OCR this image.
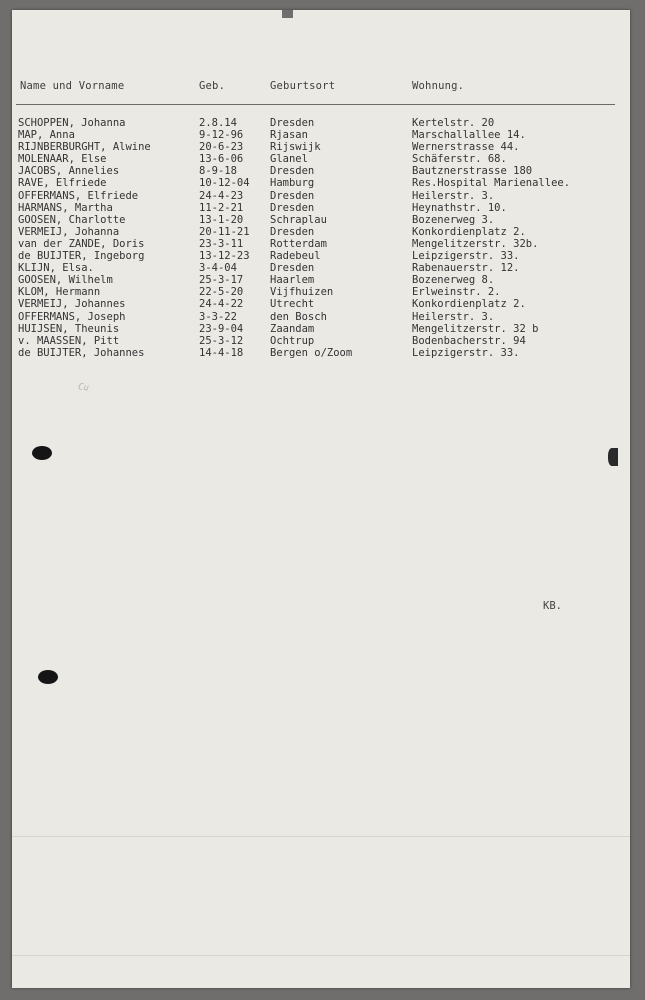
Name und Vorname	Geb.	Geburtsort	Wohnung.
SCHOPPEN, Johanna	2.8.14	Dresden	Kertelstr. 20
MAP, Anna	9-12-96	Rjasan	Marschallallee 14.
RIJNBERBURGHT, Alwine	20-6-23	Rijswijk	Wernerstrasse 44.
MOLENAAR, Else	13-6-06	Glanel	Schäferstr. 68.
JACOBS, Annelies	8-9-18	Dresden	Bautznerstrasse 180
RAVE, Elfriede	10-12-04 Hamburg	Res.Hospital Marienallee.
OFFERMANS, Elfriede	24-4-23	Dresden	Heilerstr. 3.
HARMANS, Martha	11-2-21	Dresden	Heynathstr. 10.
GOOSEN, Charlotte	13-1-20	Schraplau	Bozenerweg 3.
VERMEIJ, Johanna	20-11-21 Dresden	Konkordienplatz 2.
van der ZANDE, Doris	23-3-11	Rotterdam	Mengelitzerstr. 32b.
de BUIJTER, Ingeborg	13-12-23 Radebeul	Leipzigerstr. 33.
KLIJN, Elsa.	3-4-04	Dresden	Rabenauerstr. 12.
GOOSEN, Wilhelm	25-3-17	Haarlem	Bozenerweg 8.
KLOM, Hermann	22-5-20	Vijfhuizen	Erlweinstr. 2.
VERMEIJ, Johannes	24-4-22	Utrecht	Konkordienplatz 2.
OFFERMANS, Joseph	3-3-22	den Bosch	Heilerstr. 3.
HUIJSEN, Theunis	23-9-04	Zaandam	Mengelitzerstr. 32 b
v. MAASSEN, Pitt	25-3-12	Ochtrup	Bodenbacherstr. 94
de BUIJTER, Johannes	14-4-18	Bergen o/Zoom	Leipzigerstr. 33.
Cu
KB.
